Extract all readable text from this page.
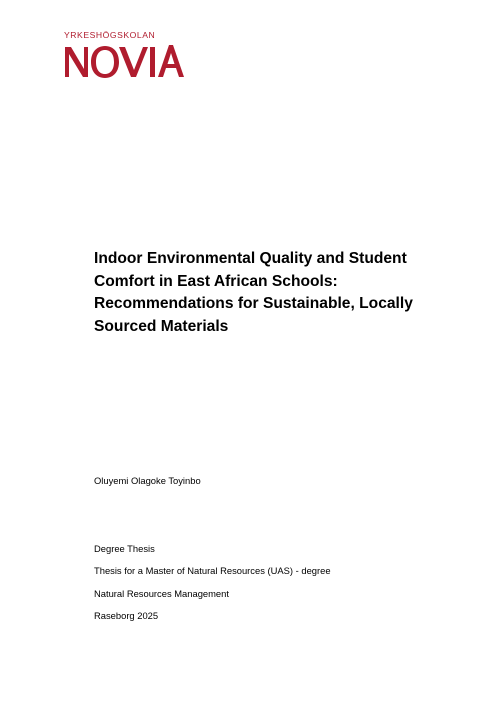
YRKESHÖGSKOLAN
Indoor Environmental Quality and Student Comfort in East African Schools: Recommendations for Sustainable, Locally Sourced Materials

Oluyemi Olagoke Toyinbo

Degree Thesis

Thesis for a Master of Natural Resources (UAS) - degree

Natural Resources Management

Raseborg 2025
